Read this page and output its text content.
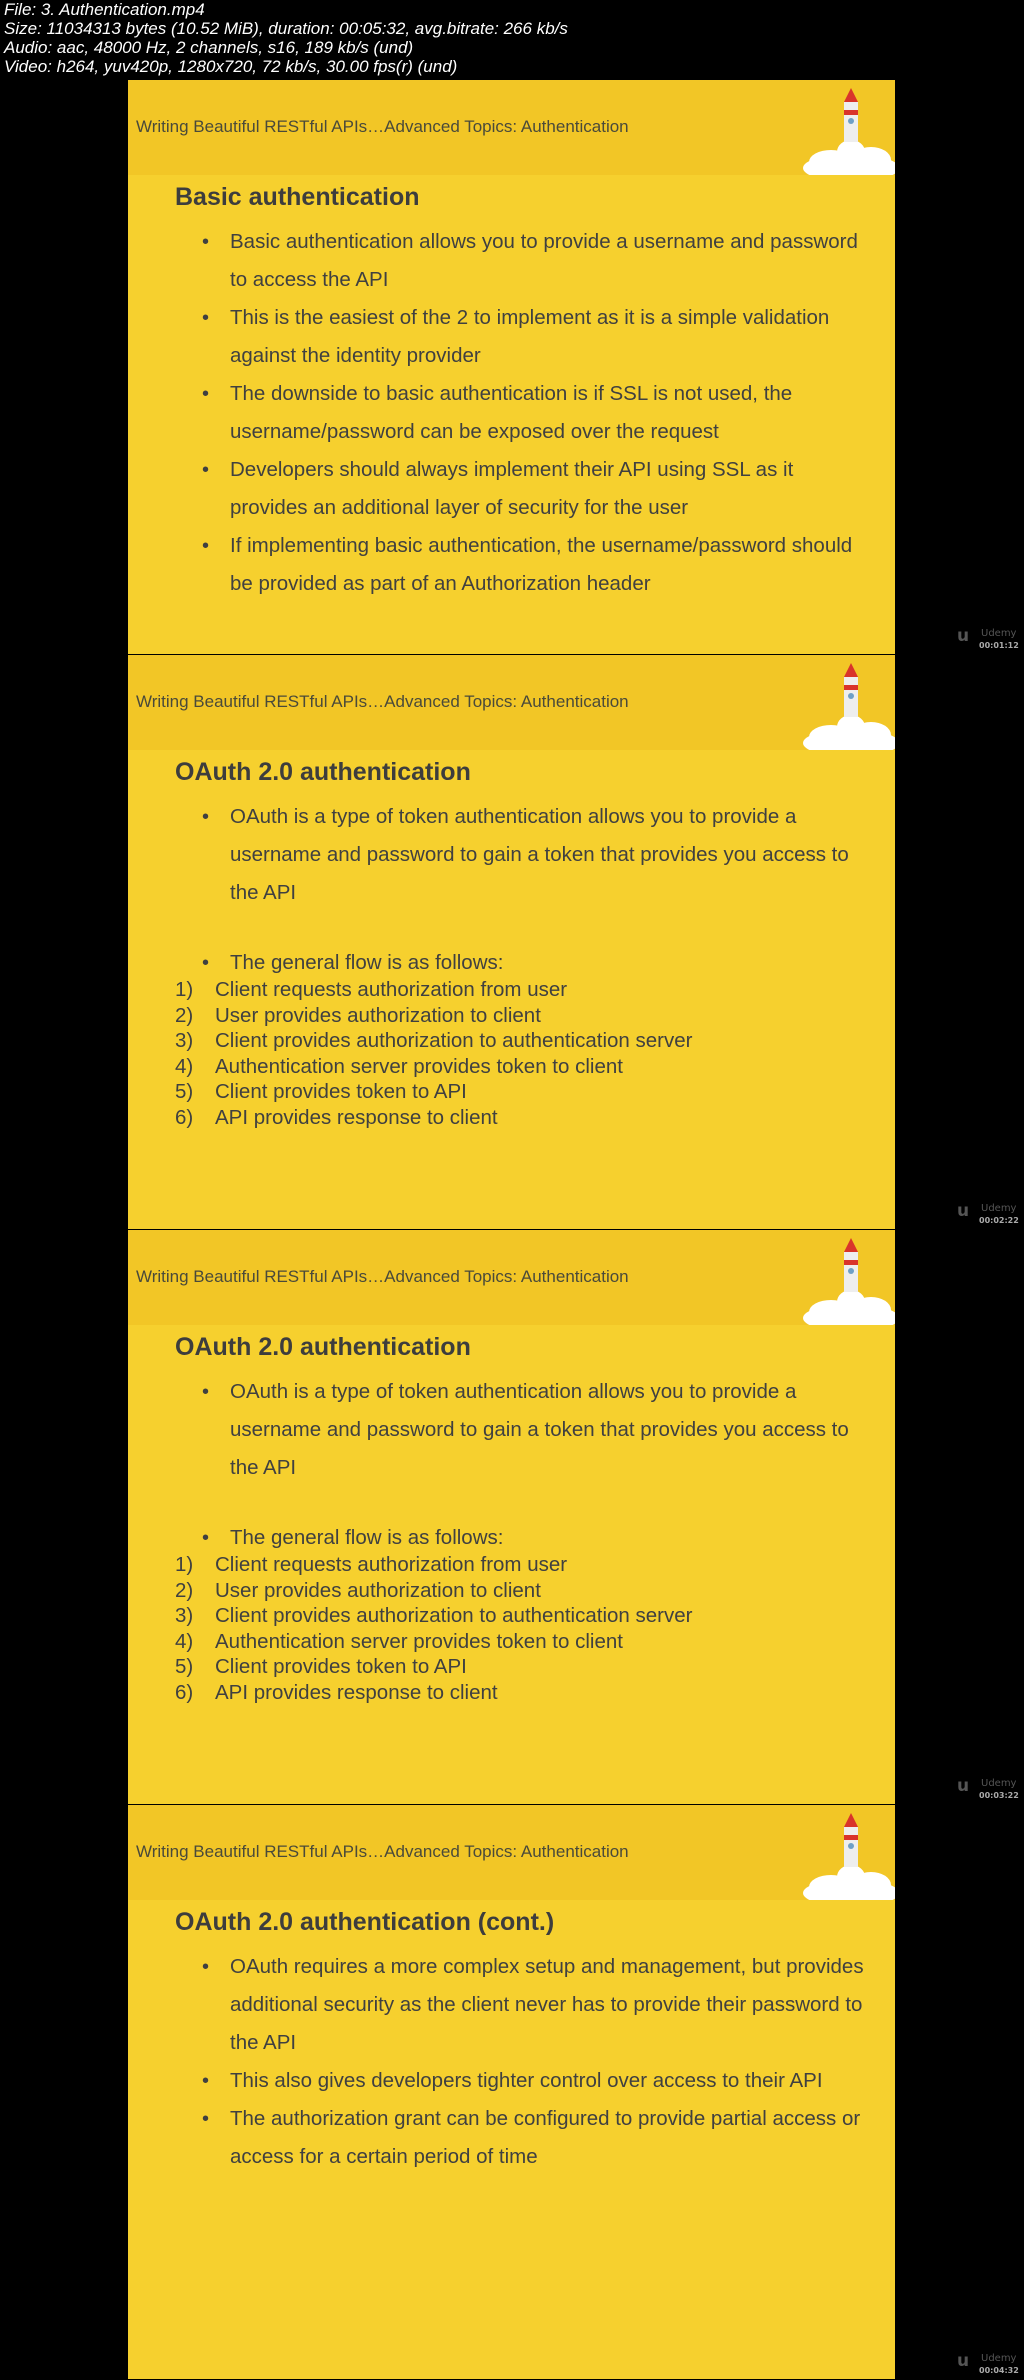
File: 3. Authentication.mp4
Size: 11034313 bytes (10.52 MiB), duration: 00:05:32, avg.bitrate: 266 kb/s
Audio: aac, 48000 Hz, 2 channels, s16, 189 kb/s (und)
Video: h264, yuv420p, 1280x720, 72 kb/s, 30.00 fps(r) (und)
Writing Beautiful RESTful APIs…Advanced Topics: Authentication
Basic authentication
• Basic authentication allows you to provide a username and password to access the API
• This is the easiest of the 2 to implement as it is a simple validation against the identity provider
• The downside to basic authentication is if SSL is not used, the username/password can be exposed over the request
• Developers should always implement their API using SSL as it provides an additional layer of security for the user
• If implementing basic authentication, the username/password should be provided as part of an Authorization header
u Udemy
00:01:12
Writing Beautiful RESTful APIs…Advanced Topics: Authentication
OAuth 2.0 authentication
• OAuth is a type of token authentication allows you to provide a username and password to gain a token that provides you access to the API
• The general flow is as follows:
1) Client requests authorization from user
2) User provides authorization to client
3) Client provides authorization to authentication server
4) Authentication server provides token to client
5) Client provides token to API
6) API provides response to client
u Udemy
00:02:22
Writing Beautiful RESTful APIs…Advanced Topics: Authentication
OAuth 2.0 authentication
• OAuth is a type of token authentication allows you to provide a username and password to gain a token that provides you access to the API
• The general flow is as follows:
1) Client requests authorization from user
2) User provides authorization to client
3) Client provides authorization to authentication server
4) Authentication server provides token to client
5) Client provides token to API
6) API provides response to client
u Udemy
00:03:22
Writing Beautiful RESTful APIs…Advanced Topics: Authentication
OAuth 2.0 authentication (cont.)
• OAuth requires a more complex setup and management, but provides additional security as the client never has to provide their password to the API
• This also gives developers tighter control over access to their API
• The authorization grant can be configured to provide partial access or access for a certain period of time
u Udemy
00:04:32
